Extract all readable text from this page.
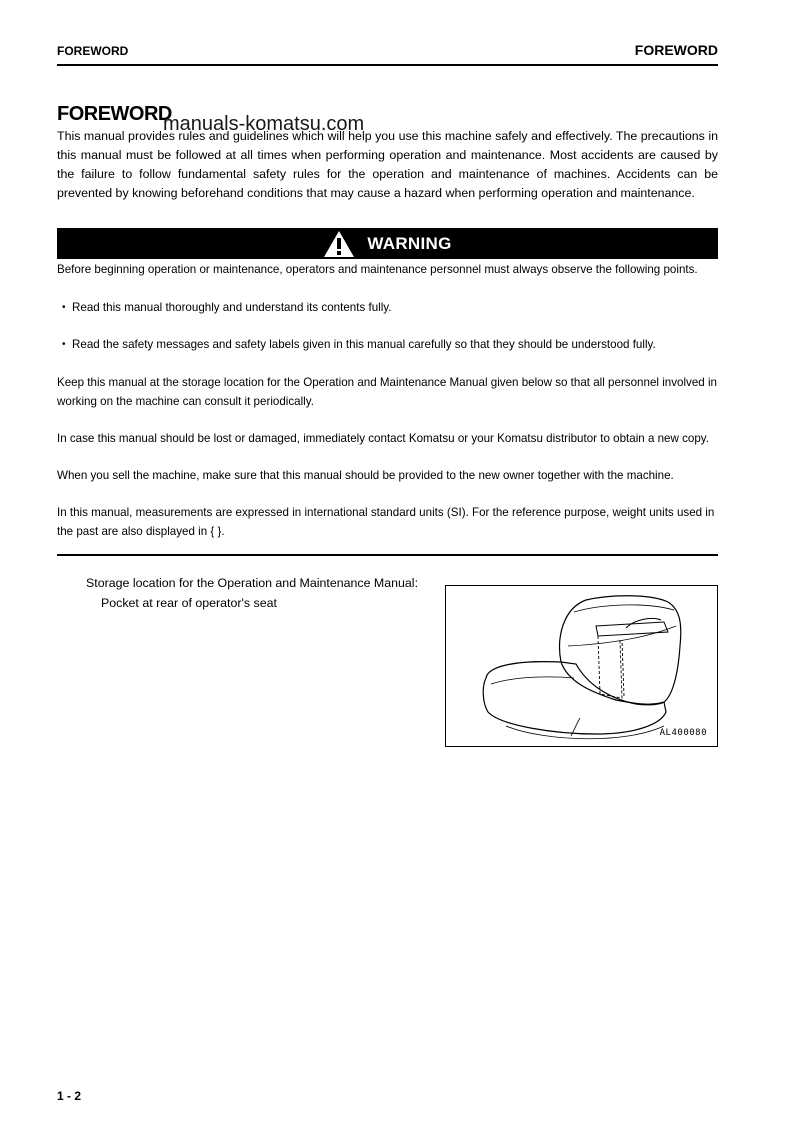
FOREWORD	FOREWORD
FOREWORD
manuals-komatsu.com
This manual provides rules and guidelines which will help you use this machine safely and effectively. The precautions in this manual must be followed at all times when performing operation and maintenance. Most accidents are caused by the failure to follow fundamental safety rules for the operation and maintenance of machines. Accidents can be prevented by knowing beforehand conditions that may cause a hazard when performing operation and maintenance.
WARNING
Before beginning operation or maintenance, operators and maintenance personnel must always observe the following points.
• Read this manual thoroughly and understand its contents fully.
• Read the safety messages and safety labels given in this manual carefully so that they should be understood fully.
Keep this manual at the storage location for the Operation and Maintenance Manual given below so that all personnel involved in working on the machine can consult it periodically.
In case this manual should be lost or damaged, immediately contact Komatsu or your Komatsu distributor to obtain a new copy.
When you sell the machine, make sure that this manual should be provided to the new owner together with the machine.
In this manual, measurements are expressed in international standard units (SI). For the reference purpose, weight units used in the past are also displayed in { }.
Storage location for the Operation and Maintenance Manual:
Pocket at rear of operator's seat
AL400080
1 - 2
